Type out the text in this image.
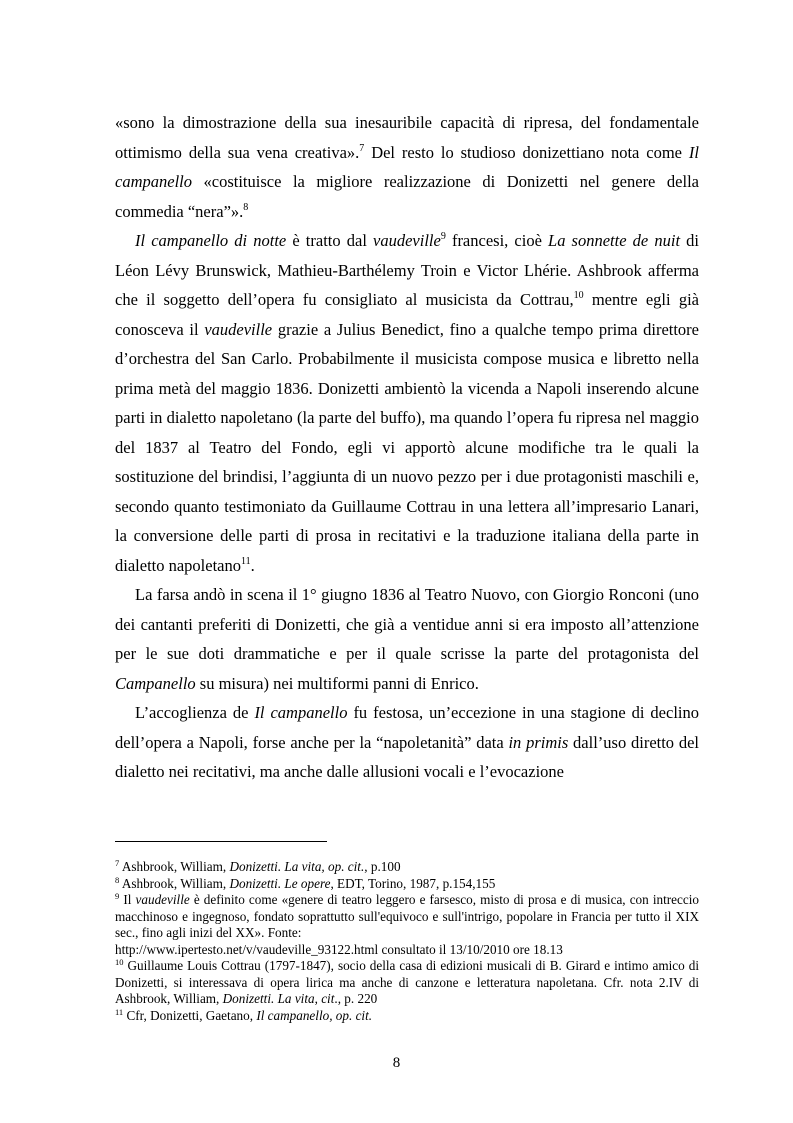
«sono la dimostrazione della sua inesauribile capacità di ripresa, del fondamentale ottimismo della sua vena creativa».$^7$ Del resto lo studioso donizettiano nota come Il campanello «costituisce la migliore realizzazione di Donizetti nel genere della commedia “nera”».$^8$

Il campanello di notte è tratto dal vaudeville$^9$ francesi, cioè La sonnette de nuit di Léon Lévy Brunswick, Mathieu-Barthélemy Troin e Victor Lhérie. Ashbrook afferma che il soggetto dell’opera fu consigliato al musicista da Cottrau,$^{10}$ mentre egli già conosceva il vaudeville grazie a Julius Benedict, fino a qualche tempo prima direttore d’orchestra del San Carlo. Probabilmente il musicista compose musica e libretto nella prima metà del maggio 1836. Donizetti ambientò la vicenda a Napoli inserendo alcune parti in dialetto napoletano (la parte del buffo), ma quando l’opera fu ripresa nel maggio del 1837 al Teatro del Fondo, egli vi apportò alcune modifiche tra le quali la sostituzione del brindisi, l’aggiunta di un nuovo pezzo per i due protagonisti maschili e, secondo quanto testimoniato da Guillaume Cottrau in una lettera all’impresario Lanari, la conversione delle parti di prosa in recitativi e la traduzione italiana della parte in dialetto napoletano$^{11}$.

La farsa andò in scena il 1° giugno 1836 al Teatro Nuovo, con Giorgio Ronconi (uno dei cantanti preferiti di Donizetti, che già a ventidue anni si era imposto all’attenzione per le sue doti drammatiche e per il quale scrisse la parte del protagonista del Campanello su misura) nei multiformi panni di Enrico.

L’accoglienza de Il campanello fu festosa, un’eccezione in una stagione di declino dell’opera a Napoli, forse anche per la “napoletanità” data in primis dall’uso diretto del dialetto nei recitativi, ma anche dalle allusioni vocali e l’evocazione

$^7$ Ashbrook, William, Donizetti. La vita, op. cit., p.100

$^8$ Ashbrook, William, Donizetti. Le opere, EDT, Torino, 1987, p.154,155

$^9$ Il vaudeville è definito come «genere di teatro leggero e farsesco, misto di prosa e di musica, con intreccio macchinoso e ingegnoso, fondato soprattutto sull'equivoco e sull'intrigo, popolare in Francia per tutto il XIX sec., fino agli inizi del XX». Fonte:

http://www.ipertesto.net/v/vaudeville_93122.html consultato il 13/10/2010 ore 18.13

$^{10}$ Guillaume Louis Cottrau (1797-1847), socio della casa di edizioni musicali di B. Girard e intimo amico di Donizetti, si interessava di opera lirica ma anche di canzone e letteratura napoletana. Cfr. nota 2.IV di Ashbrook, William, Donizetti. La vita, cit., p. 220

$^{11}$ Cfr, Donizetti, Gaetano, Il campanello, op. cit.

8
